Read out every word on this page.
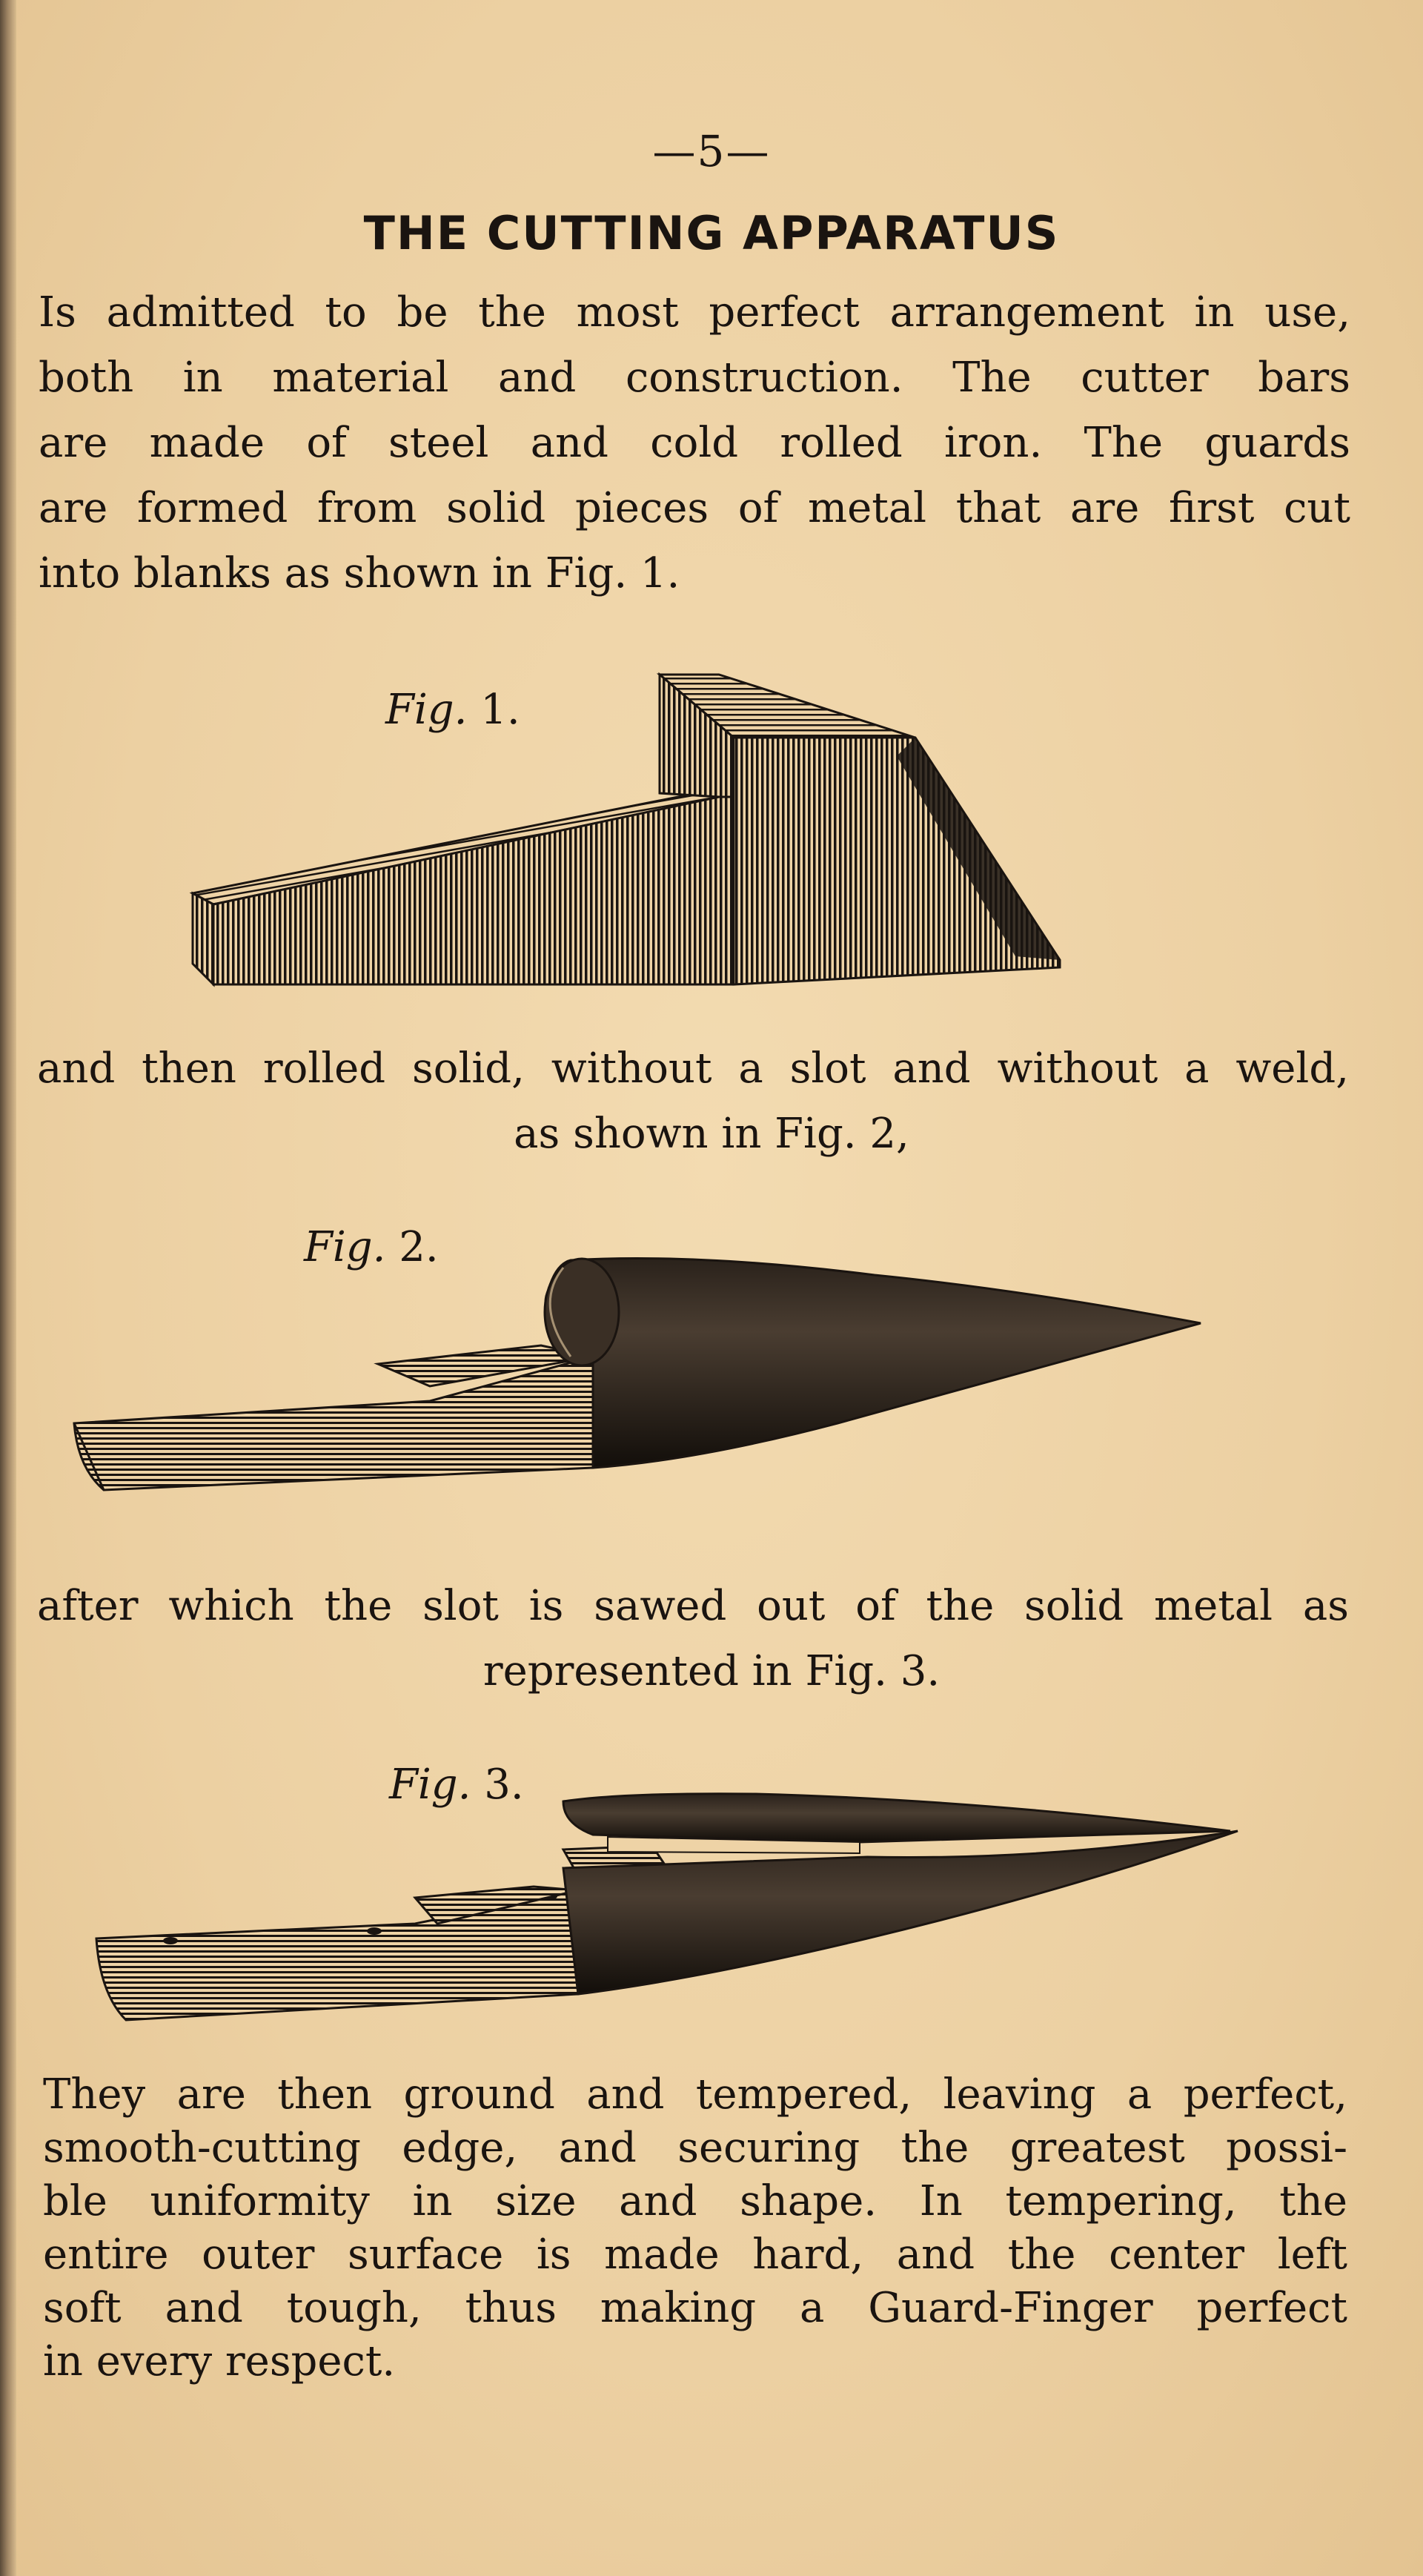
—5—
THE CUTTING APPARATUS
Is admitted to be the most perfect arrangement in use,
both in material and construction. The cutter bars
are made of steel and cold rolled iron. The guards
are formed from solid pieces of metal that are first cut
into blanks as shown in Fig. 1.
Fig. 1.
and then rolled solid, without a slot and without a weld,
as shown in Fig. 2,
Fig. 2.
after which the slot is sawed out of the solid metal as
represented in Fig. 3.
Fig. 3.
They are then ground and tempered, leaving a perfect,
smooth-cutting edge, and securing the greatest possi-
ble uniformity in size and shape. In tempering, the
entire outer surface is made hard, and the center left
soft and tough, thus making a Guard-Finger perfect
in every respect.
